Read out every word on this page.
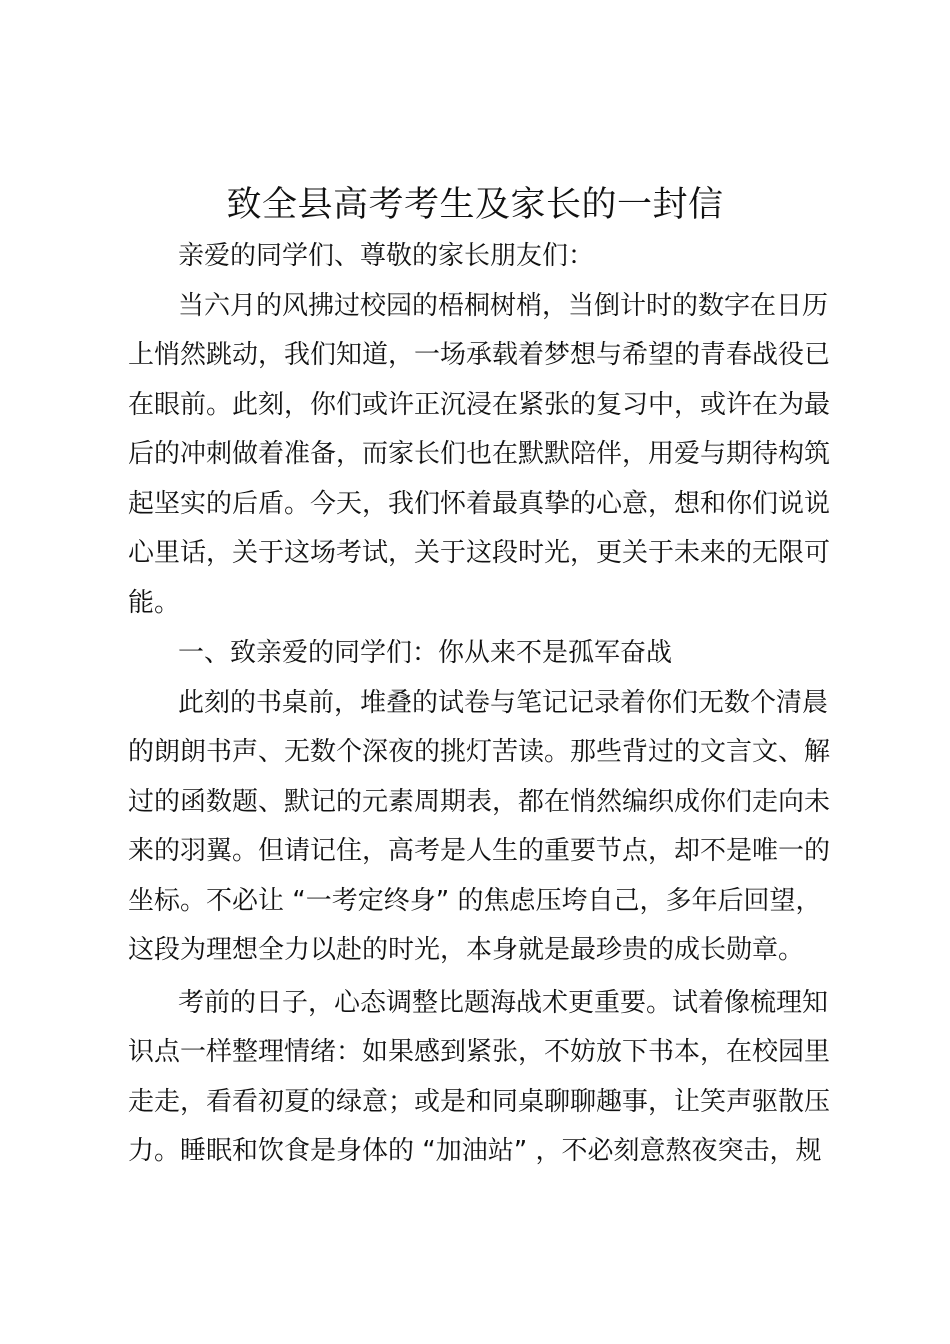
致全县高考考生及家长的一封信
亲爱的同学们、尊敬的家长朋友们：
当六月的风拂过校园的梧桐树梢，当倒计时的数字在日历
上悄然跳动，我们知道，一场承载着梦想与希望的青春战役已
在眼前。此刻，你们或许正沉浸在紧张的复习中，或许在为最
后的冲刺做着准备，而家长们也在默默陪伴，用爱与期待构筑
起坚实的后盾。今天，我们怀着最真挚的心意，想和你们说说
心里话，关于这场考试，关于这段时光，更关于未来的无限可
能。
一、致亲爱的同学们：你从来不是孤军奋战
此刻的书桌前，堆叠的试卷与笔记记录着你们无数个清晨
的朗朗书声、无数个深夜的挑灯苦读。那些背过的文言文、解
过的函数题、默记的元素周期表，都在悄然编织成你们走向未
来的羽翼。但请记住，高考是人生的重要节点，却不是唯一的
坐标。不必让 “一考定终身” 的焦虑压垮自己，多年后回望，
这段为理想全力以赴的时光，本身就是最珍贵的成长勋章。
考前的日子，心态调整比题海战术更重要。试着像梳理知
识点一样整理情绪：如果感到紧张，不妨放下书本，在校园里
走走，看看初夏的绿意；或是和同桌聊聊趣事，让笑声驱散压
力。睡眠和饮食是身体的 “加油站” ，不必刻意熬夜突击，规
